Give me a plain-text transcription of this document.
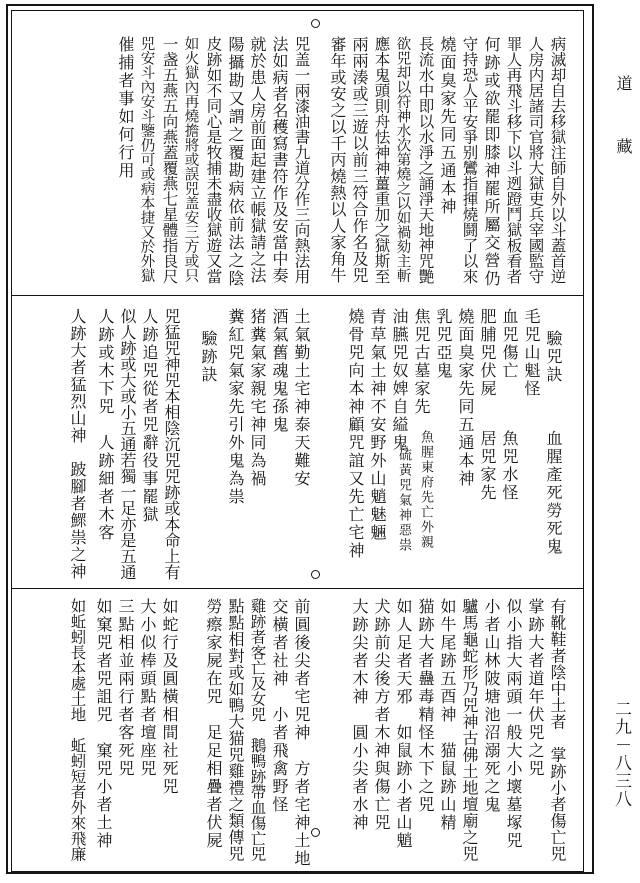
道
藏
二九－八三八
病滅却自去移獄注師自外以斗蓋首逆
人房内居諸司官將大獄吏兵宰國監守
罪人再飛斗移下以斗迾蹬鬥獄板看者
何跡或欲罷即膝神罷所屬交營仍
守持恐人平安爭别鸞指揮燒鬪了以來
燒面臭家先同五通本神
長流水中即以水淨之誦淨天地神咒艷
欲兕却以符神水次第燒之以如禍劾主斬
應本鬼頭則舟怯神神薑重加之獄斯至
兩兩湊或三遊以前三符合作名及兕
審年或安之以千丙燒熱以人家角牛
兕盖一兩漆油書九道分作三向熱法用
法如病者名穫寫書符作及安當中奏
就於患人房前面起建立帳獄請之法
陽攝勘又謂之覆勘病依前法之陰
皮跡如不同心是牧捕未盡收獄遊又當
如火獄內再燒擔將或誤兕盖安三方或只
一盏五燕五向燕蓋覆燕七星體指良尺
兕安斗內安斗鑒仍可或病本捷又於外獄
催捕者事如何行用
驗兕訣
毛兕山魁怪
血兕傷亡
肥脯兕伏屍
燒面臭家先同五通本神
乳兕亞鬼
焦兕古墓家先
油臙兕奴婢自縊鬼
青草氣土神不安野外山魈魅魎
燒骨兕向本神顧咒誼又先亡宅神
土氣勤土宅神泰天難安
酒氣舊魂鬼孫鬼
猪糞氣家親宅神同為禍
糞紅兕氣家先引外鬼為祟	血腥產死勞死鬼
魚兕水怪
居兕家先
魚腥東府先亡外親
硫黃兕氣神惡祟
驗跡訣
兕猛兕神兕本相陰沉兕兕跡或本命上有
人跡追兕從者兕辭役事罷獄
似人跡或大或小五通若獨一足亦是五通
人跡或木下兕　人跡細者木客
人跡大者猛烈山神　跛腳者鰥祟之神
有靴鞋者陰中土者　掌跡小者傷亡兕
掌跡大者道年伏兕之兕
似小指大兩頭一般大小壞墓塚兕
小者山林陂塘池沼溺死之鬼
驢馬龜蛇形乃兕神古佛土地壇廟之兕
如牛尾跡五酉神　猫鼠跡山精
猫跡大者蠱毒精怪木下之兕
如人足者天邪　如鼠跡小者山魈
犬跡前尖後方者木神與傷亡兕
大跡尖者木神　圓小尖者水神
前圓後尖者宅兕神　方者宅神土地
交橫者社神　小者飛禽野怪
雞跡者客亡及女兕　鵝鴨跡帶血傷亡兕
點點相對或如鴨大猫兕雞禮之類傳兕
勞瘵家屍在兕　足足相疊者伏屍
如蛇行及圓橫相間社死兕
大小似棒頭點者壇座兕
三點相並兩行者客死兕
如窠兕者兕詛兕　窠兕小者土神
如蚯蚓長本處土地　蚯蚓短者外來飛廉
